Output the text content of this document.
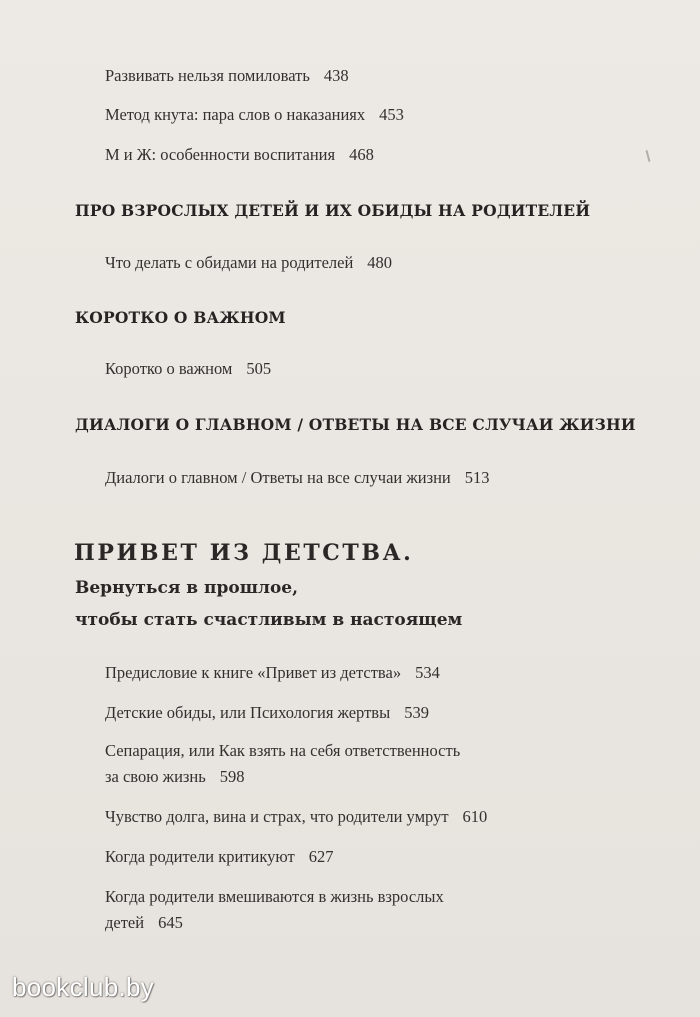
Развивать нельзя помиловать 438
Метод кнута: пара слов о наказаниях 453
М и Ж: особенности воспитания 468
ПРО ВЗРОСЛЫХ ДЕТЕЙ И ИХ ОБИДЫ НА РОДИТЕЛЕЙ
Что делать с обидами на родителей 480
КОРОТКО О ВАЖНОМ
Коротко о важном 505
ДИАЛОГИ О ГЛАВНОМ / ОТВЕТЫ НА ВСЕ СЛУЧАИ ЖИЗНИ
Диалоги о главном / Ответы на все случаи жизни 513
ПРИВЕТ ИЗ ДЕТСТВА.
Вернуться в прошлое,
чтобы стать счастливым в настоящем
Предисловие к книге «Привет из детства» 534
Детские обиды, или Психология жертвы 539
Сепарация, или Как взять на себя ответственность
за свою жизнь 598
Чувство долга, вина и страх, что родители умрут 610
Когда родители критикуют 627
Когда родители вмешиваются в жизнь взрослых
детей 645
bookclub.by
